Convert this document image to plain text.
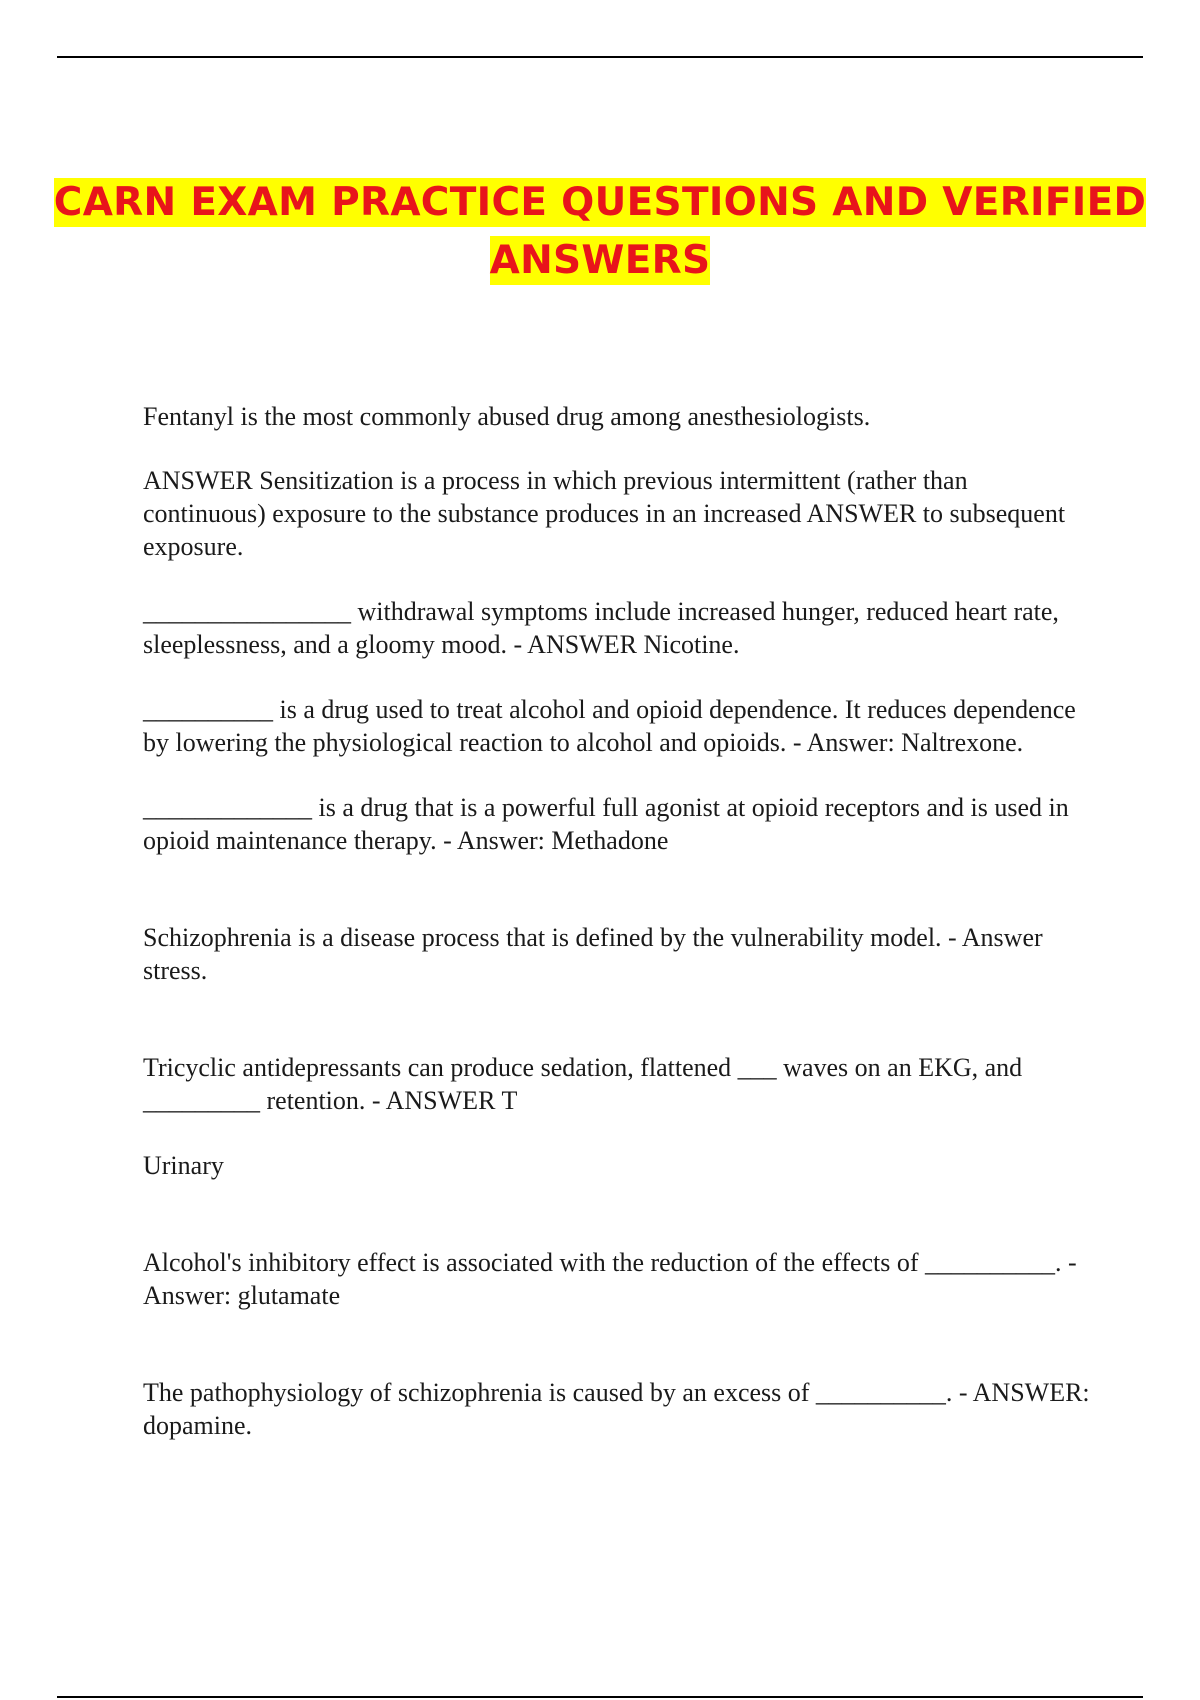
CARN EXAM PRACTICE QUESTIONS AND VERIFIED ANSWERS

Fentanyl is the most commonly abused drug among anesthesiologists.

ANSWER Sensitization is a process in which previous intermittent (rather than continuous) exposure to the substance produces in an increased ANSWER to subsequent exposure.

________________ withdrawal symptoms include increased hunger, reduced heart rate, sleeplessness, and a gloomy mood. - ANSWER Nicotine.

__________ is a drug used to treat alcohol and opioid dependence. It reduces dependence by lowering the physiological reaction to alcohol and opioids. - Answer: Naltrexone.

_____________ is a drug that is a powerful full agonist at opioid receptors and is used in opioid maintenance therapy. - Answer: Methadone

Schizophrenia is a disease process that is defined by the vulnerability model. - Answer stress.

Tricyclic antidepressants can produce sedation, flattened ___ waves on an EKG, and _________ retention. - ANSWER T

Urinary

Alcohol's inhibitory effect is associated with the reduction of the effects of __________. - Answer: glutamate

The pathophysiology of schizophrenia is caused by an excess of __________. - ANSWER: dopamine.
